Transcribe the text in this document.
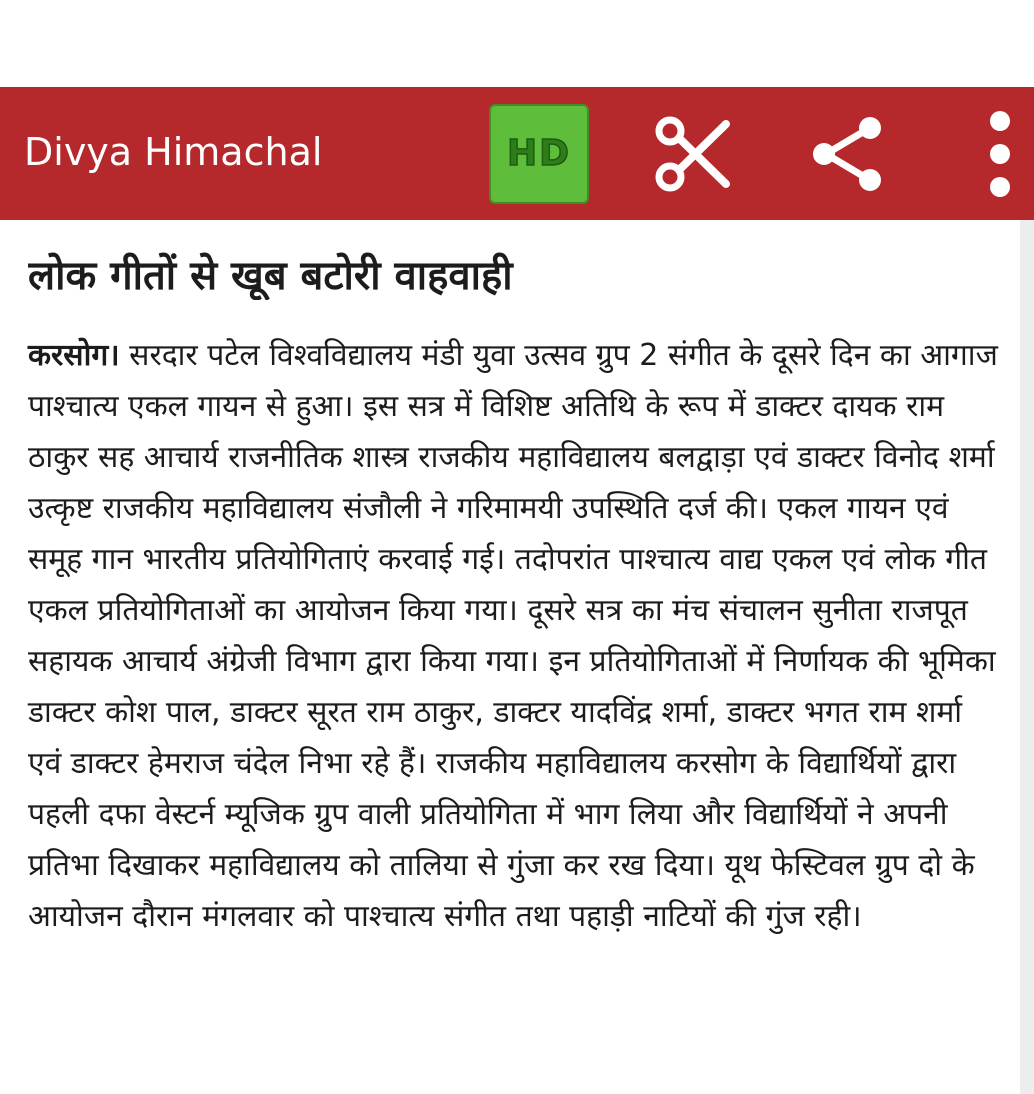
Divya Himachal	HD
लोक गीतों से खूब बटोरी वाहवाही

करसोग। सरदार पटेल विश्वविद्यालय मंडी युवा उत्सव ग्रुप 2 संगीत के दूसरे दिन का आगाज पाश्चात्य एकल गायन से हुआ। इस सत्र में विशिष्ट अतिथि के रूप में डाक्टर दायक राम ठाकुर सह आचार्य राजनीतिक शास्त्र राजकीय महाविद्यालय बलद्वाड़ा एवं डाक्टर विनोद शर्मा उत्कृष्ट राजकीय महाविद्यालय संजौली ने गरिमामयी उपस्थिति दर्ज की। एकल गायन एवं समूह गान भारतीय प्रतियोगिताएं करवाई गई। तदोपरांत पाश्चात्य वाद्य एकल एवं लोक गीत एकल प्रतियोगिताओं का आयोजन किया गया। दूसरे सत्र का मंच संचालन सुनीता राजपूत सहायक आचार्य अंग्रेजी विभाग द्वारा किया गया। इन प्रतियोगिताओं में निर्णायक की भूमिका डाक्टर कोश पाल, डाक्टर सूरत राम ठाकुर, डाक्टर यादविंद्र शर्मा, डाक्टर भगत राम शर्मा एवं डाक्टर हेमराज चंदेल निभा रहे हैं। राजकीय महाविद्यालय करसोग के विद्यार्थियों द्वारा पहली दफा वेस्टर्न म्यूजिक ग्रुप वाली प्रतियोगिता में भाग लिया और विद्यार्थियों ने अपनी प्रतिभा दिखाकर महाविद्यालय को तालिया से गुंजा कर रख दिया। यूथ फेस्टिवल ग्रुप दो के आयोजन दौरान मंगलवार को पाश्चात्य संगीत तथा पहाड़ी नाटियों की गुंज रही।
